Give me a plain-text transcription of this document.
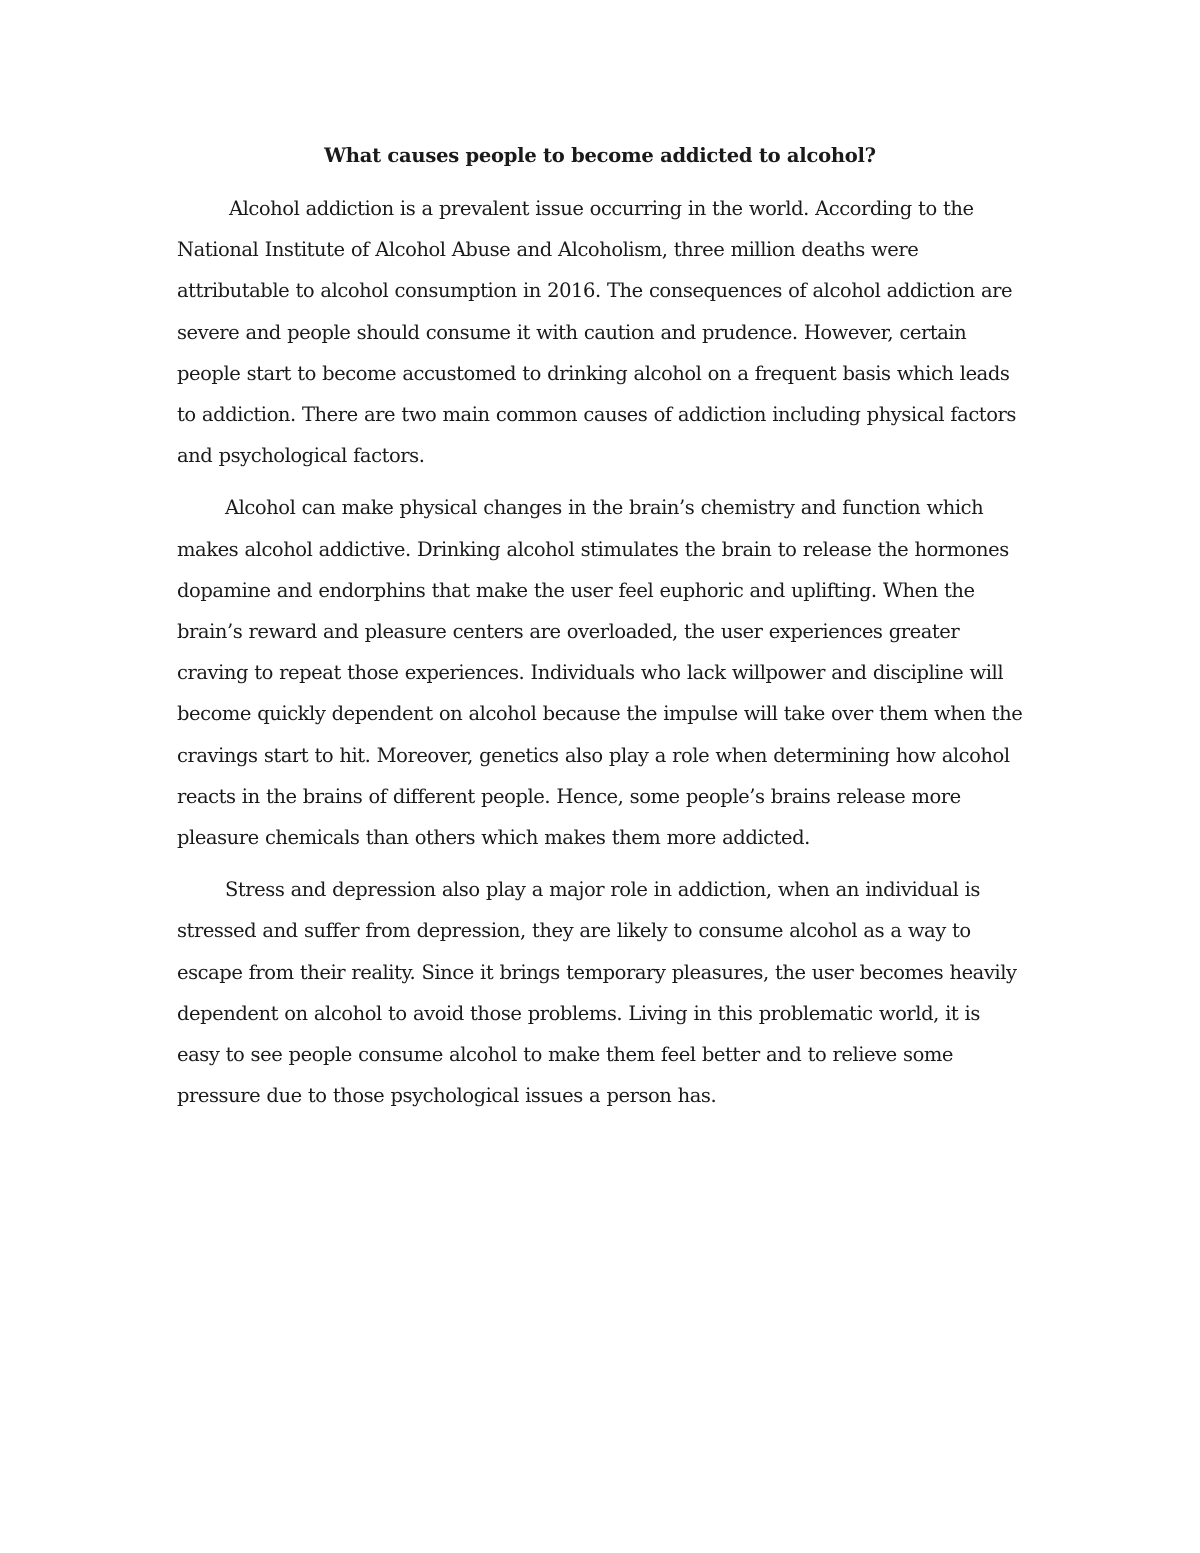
What causes people to become addicted to alcohol?

Alcohol addiction is a prevalent issue occurring in the world. According to the National Institute of Alcohol Abuse and Alcoholism, three million deaths were attributable to alcohol consumption in 2016. The consequences of alcohol addiction are severe and people should consume it with caution and prudence. However, certain people start to become accustomed to drinking alcohol on a frequent basis which leads to addiction. There are two main common causes of addiction including physical factors and psychological factors.

Alcohol can make physical changes in the brain’s chemistry and function which makes alcohol addictive. Drinking alcohol stimulates the brain to release the hormones dopamine and endorphins that make the user feel euphoric and uplifting. When the brain’s reward and pleasure centers are overloaded, the user experiences greater craving to repeat those experiences. Individuals who lack willpower and discipline will become quickly dependent on alcohol because the impulse will take over them when the cravings start to hit. Moreover, genetics also play a role when determining how alcohol reacts in the brains of different people. Hence, some people’s brains release more pleasure chemicals than others which makes them more addicted.

Stress and depression also play a major role in addiction, when an individual is stressed and suffer from depression, they are likely to consume alcohol as a way to escape from their reality. Since it brings temporary pleasures, the user becomes heavily dependent on alcohol to avoid those problems. Living in this problematic world, it is easy to see people consume alcohol to make them feel better and to relieve some pressure due to those psychological issues a person has.
